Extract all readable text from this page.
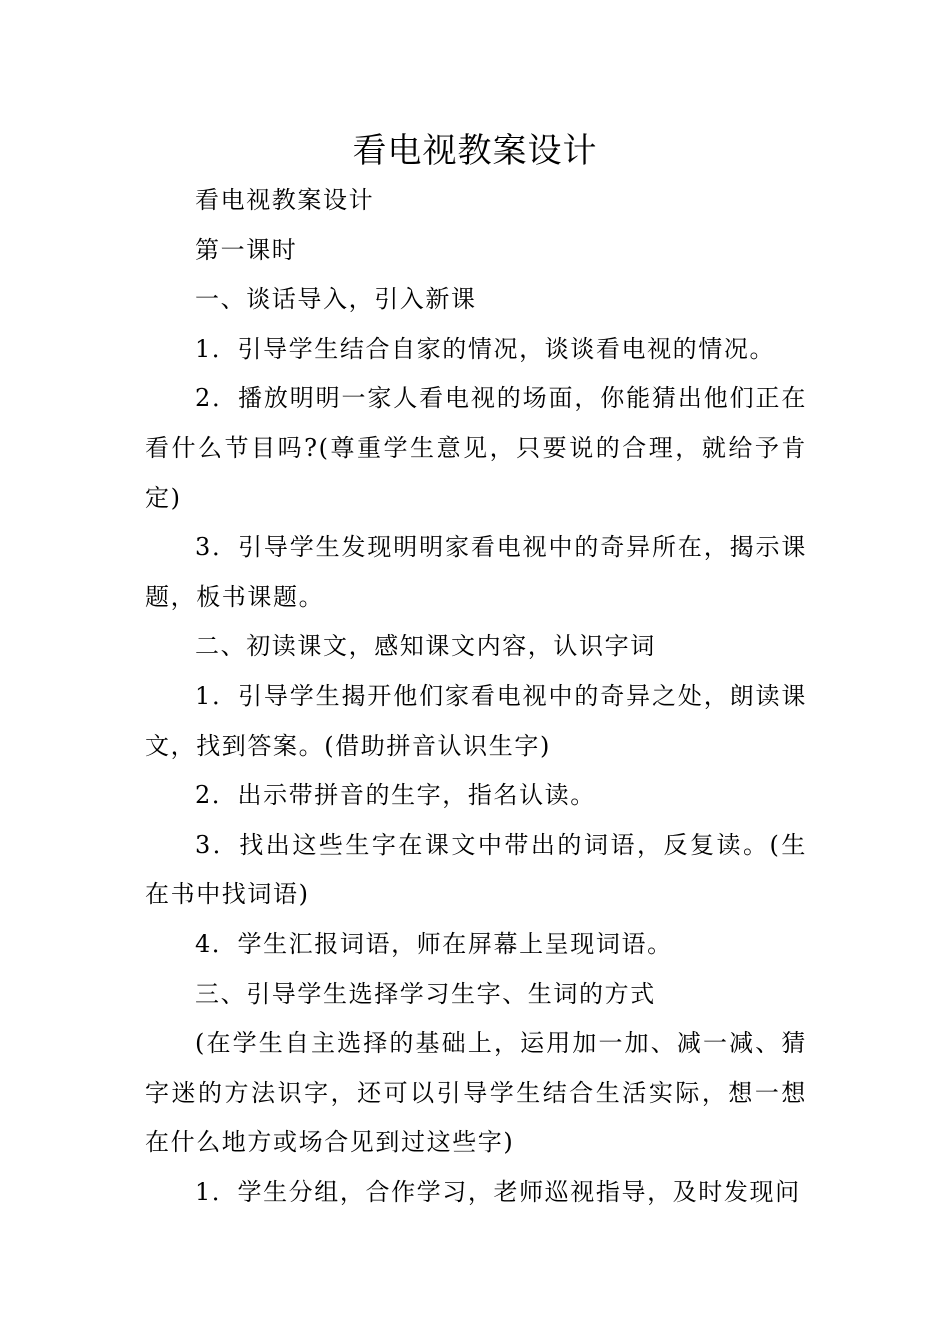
看电视教案设计

看电视教案设计

第一课时

一、谈话导入，引入新课

1．引导学生结合自家的情况，谈谈看电视的情况。

2．播放明明一家人看电视的场面，你能猜出他们正在看什么节目吗?(尊重学生意见，只要说的合理，就给予肯定)

3．引导学生发现明明家看电视中的奇异所在，揭示课题，板书课题。

二、初读课文，感知课文内容，认识字词

1．引导学生揭开他们家看电视中的奇异之处，朗读课文，找到答案。(借助拼音认识生字)

2．出示带拼音的生字，指名认读。

3．找出这些生字在课文中带出的词语，反复读。(生在书中找词语)

4．学生汇报词语，师在屏幕上呈现词语。

三、引导学生选择学习生字、生词的方式

(在学生自主选择的基础上，运用加一加、减一减、猜字迷的方法识字，还可以引导学生结合生活实际，想一想在什么地方或场合见到过这些字)

1．学生分组，合作学习，老师巡视指导，及时发现问
